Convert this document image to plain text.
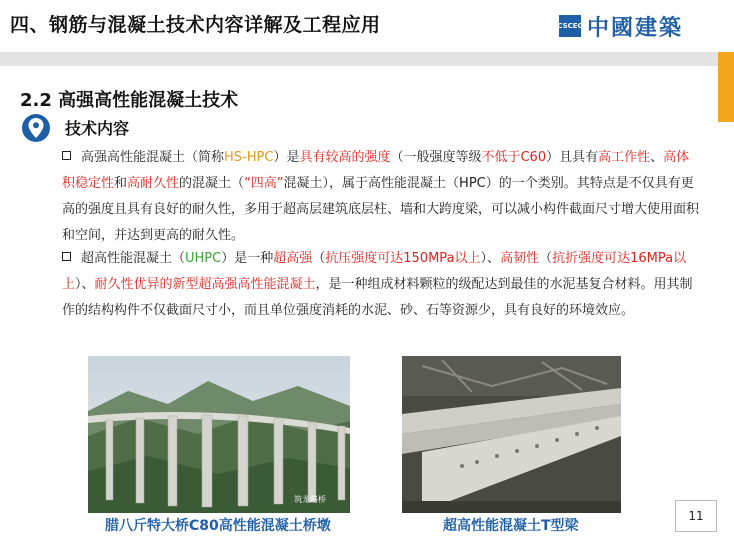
四、钢筋与混凝土技术内容详解及工程应用	CSCEC 中國建築
2.2 高强高性能混凝土技术
技术内容
高强高性能混凝土（简称HS-HPC）是具有较高的强度（一般强度等级不低于C60）且具有高工作性、高体积稳定性和高耐久性的混凝土（“四高”混凝土），属于高性能混凝土（HPC）的一个类别。其特点是不仅具有更高的强度且具有良好的耐久性，多用于超高层建筑底层柱、墙和大跨度梁，可以减小构件截面尺寸增大使用面积和空间，并达到更高的耐久性。
超高性能混凝土（UHPC）是一种超高强（抗压强度可达150MPa以上）、高韧性（抗折强度可达16MPa以上）、耐久性优异的新型超高强高性能混凝土，是一种组成材料颗粒的级配达到最佳的水泥基复合材料。用其制作的结构构件不仅截面尺寸小，而且单位强度消耗的水泥、砂、石等资源少，具有良好的环境效应。
筑龙路桥
腊八斤特大桥C80高性能混凝土桥墩	超高性能混凝土T型梁
11
